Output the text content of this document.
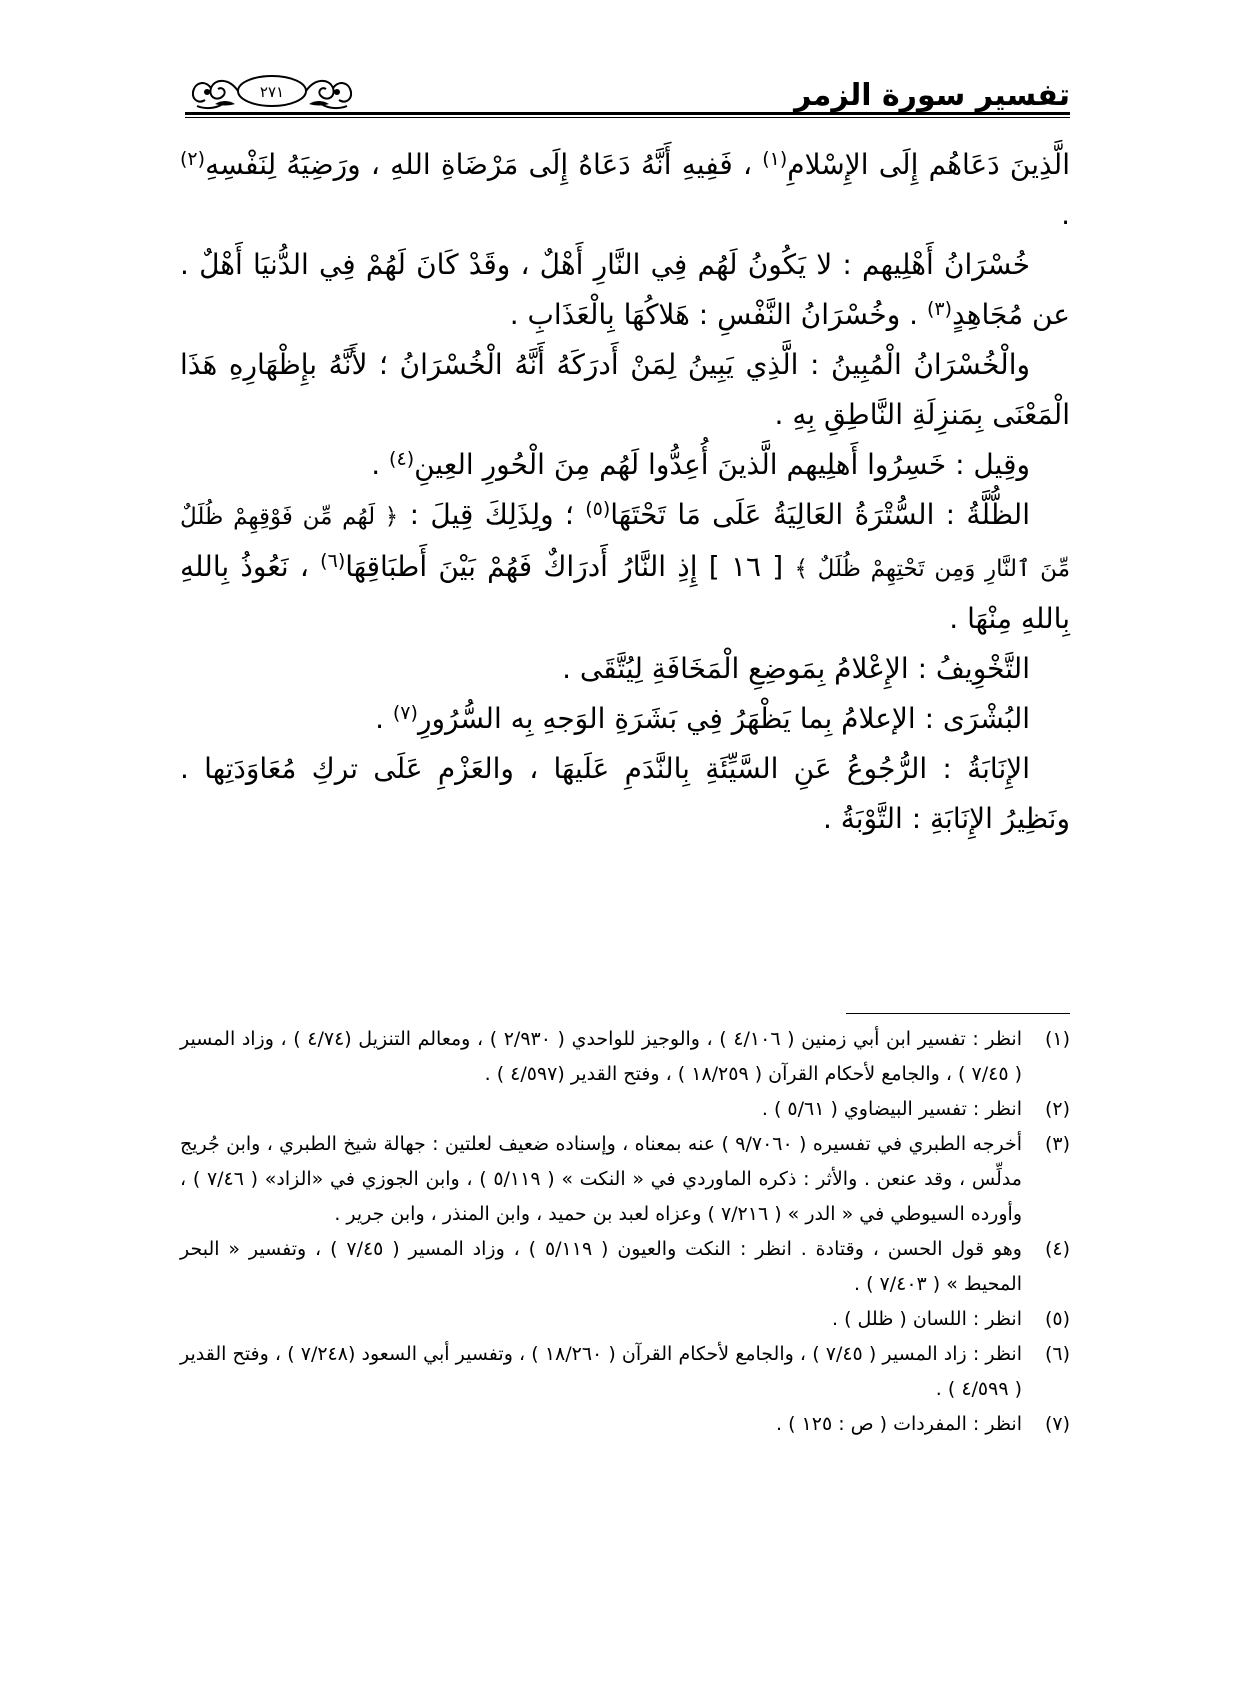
تفسير سورة الزمر
٢٧١

الَّذِينَ دَعَاهُم إِلَى الإِسْلامِ$^{(١)}$ ، فَفِيهِ أَنَّهُ دَعَاهُ إِلَى مَرْضَاةِ اللهِ ، ورَضِيَهُ لِنَفْسِهِ$^{(٢)}$ .

خُسْرَانُ أَهْلِيهم : لا يَكُونُ لَهُم فِي النَّارِ أَهْلٌ ، وقَدْ كَانَ لَهُمْ فِي الدُّنيَا أَهْلٌ . عن مُجَاهِدٍ$^{(٣)}$ . وخُسْرَانُ النَّفْسِ : هَلاكُهَا بِالْعَذَابِ .

والْخُسْرَانُ الْمُبِينُ : الَّذِي يَبِينُ لِمَنْ أَدرَكَهُ أَنَّهُ الْخُسْرَانُ ؛ لأَنَّهُ بإِظْهَارِهِ هَذَا الْمَعْنَى بِمَنزِلَةِ النَّاطِقِ بِهِ .

وقِيل : خَسِرُوا أَهلِيهم الَّذينَ أُعِدُّوا لَهُم مِنَ الْحُورِ العِينِ$^{(٤)}$ .

الظُّلَّةُ : السُّتْرَةُ العَالِيَةُ عَلَى مَا تَحْتَهَا$^{(٥)}$ ؛ ولِذَلِكَ قِيلَ : ﴿ لَهُم مِّن فَوْقِهِمْ ظُلَلٌ مِّنَ ٱلنَّارِ وَمِن تَحْتِهِمْ ظُلَلٌ ﴾ [ ١٦ ] إِذِ النَّارُ أَدرَاكٌ فَهُمْ بَيْنَ أَطبَاقِهَا$^{(٦)}$ ، نَعُوذُ بِاللهِ بِاللهِ مِنْهَا .

التَّخْوِيفُ : الإِعْلامُ بِمَوضِعِ الْمَخَافَةِ لِيُتَّقَى .

البُشْرَى : الإعلامُ بِما يَظْهَرُ فِي بَشَرَةِ الوَجهِ بِه السُّرُورِ$^{(٧)}$ .

الإِنَابَةُ : الرُّجُوعُ عَنِ السَّيِّئَةِ بِالنَّدَمِ عَلَيهَا ، والعَزْمِ عَلَى تركِ مُعَاوَدَتِها . ونَظِيرُ الإِنَابَةِ : التَّوْبَةُ .

(١)
انظر : تفسير ابن أبي زمنين ( ٤/١٠٦ ) ، والوجيز للواحدي ( ٢/٩٣٠ ) ، ومعالم التنزيل (٤/٧٤ ) ، وزاد المسير ( ٧/٤٥ ) ، والجامع لأحكام القرآن ( ١٨/٢٥٩ ) ، وفتح القدير (٤/٥٩٧ ) .
(٢)
انظر : تفسير البيضاوي ( ٥/٦١ ) .
(٣)
أخرجه الطبري في تفسيره ( ٩/٧٠٦٠ ) عنه بمعناه ، وإسناده ضعيف لعلتين : جهالة شيخ الطبري ، وابن جُريج مدلِّس ، وقد عنعن . والأثر : ذكره الماوردي في « النكت » ( ٥/١١٩ ) ، وابن الجوزي في «الزاد» ( ٧/٤٦ ) ، وأورده السيوطي في « الدر » ( ٧/٢١٦ ) وعزاه لعبد بن حميد ، وابن المنذر ، وابن جرير .
(٤)
وهو قول الحسن ، وقتادة . انظر : النكت والعيون ( ٥/١١٩ ) ، وزاد المسير ( ٧/٤٥ ) ، وتفسير « البحر المحيط » ( ٧/٤٠٣ ) .
(٥)
انظر : اللسان ( ظلل ) .
(٦)
انظر : زاد المسير ( ٧/٤٥ ) ، والجامع لأحكام القرآن ( ١٨/٢٦٠ ) ، وتفسير أبي السعود (٧/٢٤٨ ) ، وفتح القدير ( ٤/٥٩٩ ) .
(٧)
انظر : المفردات ( ص : ١٢٥ ) .
